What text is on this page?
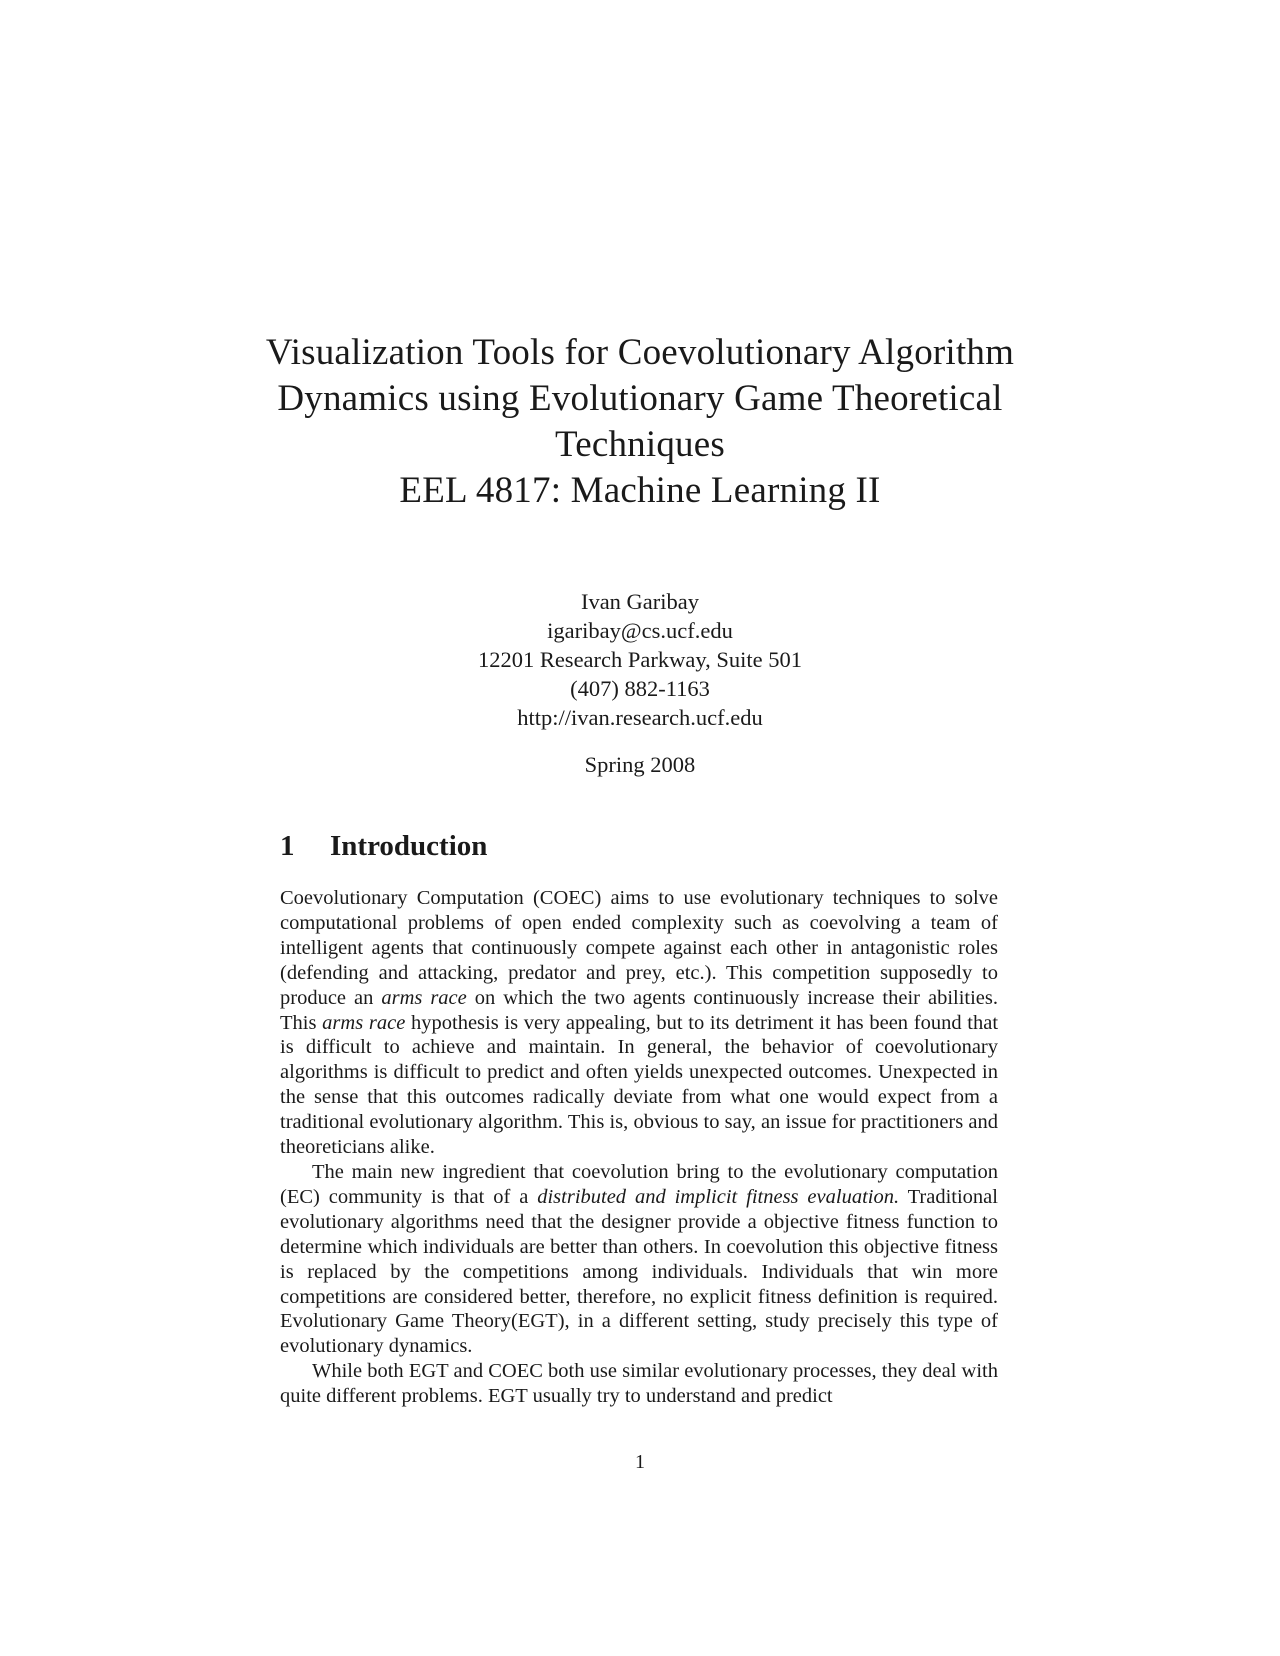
Visualization Tools for Coevolutionary Algorithm
Dynamics using Evolutionary Game Theoretical
Techniques
EEL 4817: Machine Learning II
Ivan Garibay
igaribay@cs.ucf.edu
12201 Research Parkway, Suite 501
(407) 882-1163
http://ivan.research.ucf.edu
Spring 2008
1 Introduction

Coevolutionary Computation (COEC) aims to use evolutionary techniques to solve computational problems of open ended complexity such as coevolving a team of intelligent agents that continuously compete against each other in antagonistic roles (defending and attacking, predator and prey, etc.). This competition supposedly to produce an arms race on which the two agents continuously increase their abilities. This arms race hypothesis is very appealing, but to its detriment it has been found that is difficult to achieve and maintain. In general, the behavior of coevolutionary algorithms is difficult to predict and often yields unexpected outcomes. Unexpected in the sense that this outcomes radically deviate from what one would expect from a traditional evolutionary algorithm. This is, obvious to say, an issue for practitioners and theoreticians alike.

The main new ingredient that coevolution bring to the evolutionary computation (EC) community is that of a distributed and implicit fitness evaluation. Traditional evolutionary algorithms need that the designer provide a objective fitness function to determine which individuals are better than others. In coevolution this objective fitness is replaced by the competitions among individuals. Individuals that win more competitions are considered better, therefore, no explicit fitness definition is required. Evolutionary Game Theory(EGT), in a different setting, study precisely this type of evolutionary dynamics.

While both EGT and COEC both use similar evolutionary processes, they deal with quite different problems. EGT usually try to understand and predict

1
